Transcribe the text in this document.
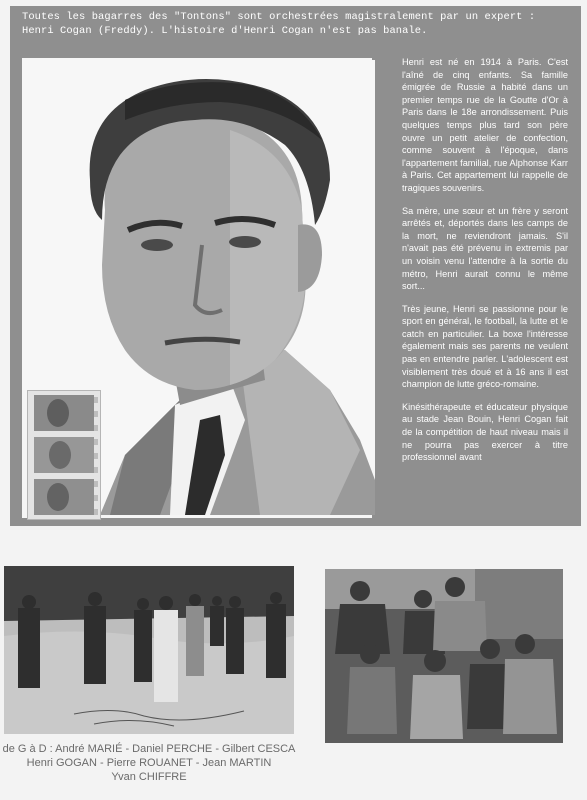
Toutes les bagarres des "Tontons" sont orchestrées magistralement par un expert :
Henri Cogan (Freddy). L'histoire d'Henri Cogan n'est pas banale.

Henri est né en 1914 à Paris. C'est l'aîné de cinq enfants. Sa famille émigrée de Russie a habité dans un premier temps rue de la Goutte d'Or à Paris dans le 18e arrondissement. Puis quelques temps plus tard son père ouvre un petit atelier de confection, comme souvent à l'époque, dans l'appartement familial, rue Alphonse Karr à Paris. Cet appartement lui rappelle de tragiques souvenirs.

Sa mère, une sœur et un frère y seront arrêtés et, déportés dans les camps de la mort, ne reviendront jamais. S'il n'avait pas été prévenu in extremis par un voisin venu l'attendre à la sortie du métro, Henri aurait connu le même sort...

Très jeune, Henri se passionne pour le sport en général, le football, la lutte et le catch en particulier. La boxe l'intéresse également mais ses parents ne veulent pas en entendre parler. L'adolescent est visiblement très doué et à 16 ans il est champion de lutte gréco-romaine.

Kinésithérapeute et éducateur physique au stade Jean Bouin, Henri Cogan fait de la compétition de haut niveau mais il ne pourra pas exercer à titre professionnel avant

de G à D : André MARIÉ - Daniel PERCHE - Gilbert CESCA
Henri GOGAN - Pierre ROUANET - Jean MARTIN
Yvan CHIFFRE
